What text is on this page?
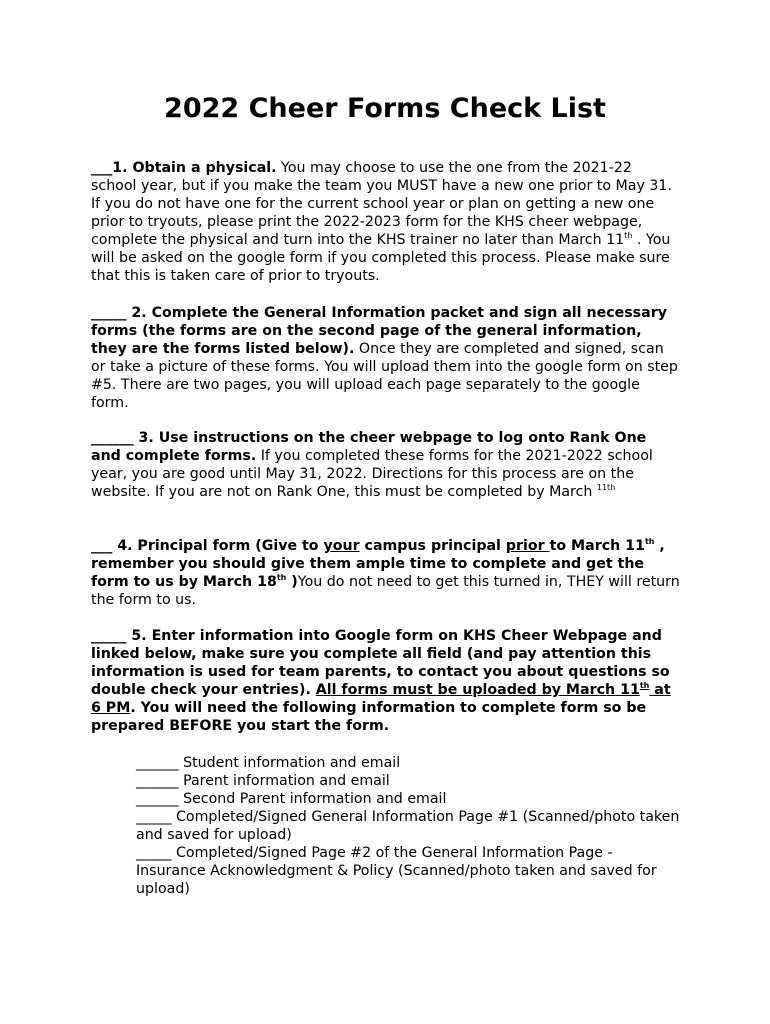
2022 Cheer Forms Check List

___1. Obtain a physical. You may choose to use the one from the 2021-22 school year, but if you make the team you MUST have a new one prior to May 31. If you do not have one for the current school year or plan on getting a new one prior to tryouts, please print the 2022-2023 form for the KHS cheer webpage, complete the physical and turn into the KHS trainer no later than March 11th . You will be asked on the google form if you completed this process. Please make sure that this is taken care of prior to tryouts.

_____ 2. Complete the General Information packet and sign all necessary forms (the forms are on the second page of the general information, they are the forms listed below). Once they are completed and signed, scan or take a picture of these forms. You will upload them into the google form on step #5. There are two pages, you will upload each page separately to the google form.

______ 3. Use instructions on the cheer webpage to log onto Rank One and complete forms. If you completed these forms for the 2021-2022 school year, you are good until May 31, 2022. Directions for this process are on the website. If you are not on Rank One, this must be completed by March $^{11th}$

___ 4. Principal form (Give to your campus principal prior to March 11th , remember you should give them ample time to complete and get the form to us by March 18th )You do not need to get this turned in, THEY will return the form to us.

_____ 5. Enter information into Google form on KHS Cheer Webpage and linked below, make sure you complete all field (and pay attention this information is used for team parents, to contact you about questions so double check your entries). All forms must be uploaded by March 11th at 6 PM. You will need the following information to complete form so be prepared BEFORE you start the form.

______ Student information and email
______ Parent information and email
______ Second Parent information and email
_____ Completed/Signed General Information Page #1 (Scanned/photo taken and saved for upload)
_____ Completed/Signed Page #2 of the General Information Page - Insurance Acknowledgment & Policy (Scanned/photo taken and saved for upload)
